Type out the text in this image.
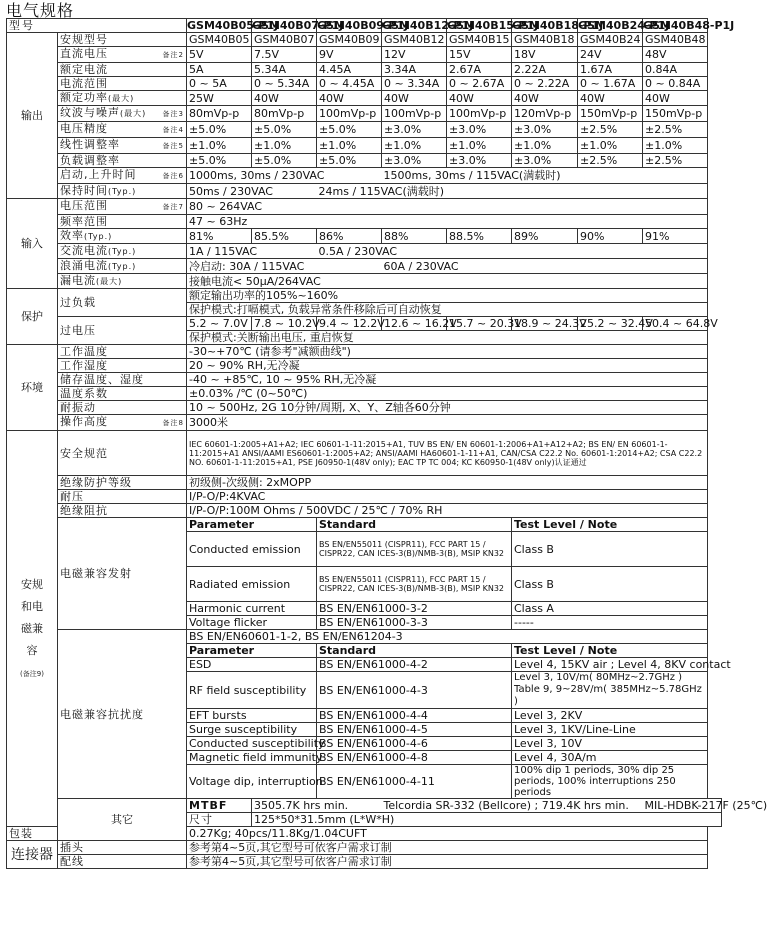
电气规格
型号		GSM40B05-P1J	GSM40B07-P1J	GSM40B09-P1J	GSM40B12-P1J	GSM40B15-P1J	GSM40B18-P1J	GSM40B24-P1J	GSM40B48-P1J
输出	安规型号	GSM40B05	GSM40B07	GSM40B09	GSM40B12	GSM40B15	GSM40B18	GSM40B24	GSM40B48
	直流电压 备注2	5V	7.5V	9V	12V	15V	18V	24V	48V
	额定电流	5A	5.34A	4.45A	3.34A	2.67A	2.22A	1.67A	0.84A
	电流范围	0 ~ 5A	0 ~ 5.34A	0 ~ 4.45A	0 ~ 3.34A	0 ~ 2.67A	0 ~ 2.22A	0 ~ 1.67A	0 ~ 0.84A
	额定功率(最大)	25W	40W	40W	40W	40W	40W	40W	40W
	纹波与噪声(最大) 备注3	80mVp-p	80mVp-p	100mVp-p	100mVp-p	100mVp-p	120mVp-p	150mVp-p	150mVp-p
	电压精度 备注4	±5.0%	±5.0%	±5.0%	±3.0%	±3.0%	±3.0%	±2.5%	±2.5%
	线性调整率 备注5	±1.0%	±1.0%	±1.0%	±1.0%	±1.0%	±1.0%	±1.0%	±1.0%
	负载调整率	±5.0%	±5.0%	±5.0%	±3.0%	±3.0%	±3.0%	±2.5%	±2.5%
	启动,上升时间 备注6	1000ms, 30ms / 230VAC			1500ms, 30ms / 115VAC(满载时)				
	保持时间(Typ.)	50ms / 230VAC		24ms / 115VAC(满载时)					
输入	电压范围 备注7	80 ~ 264VAC							
	频率范围	47 ~ 63Hz							
	效率(Typ.)	81%	85.5%	86%	88%	88.5%	89%	90%	91%
	交流电流(Typ.)	1A / 115VAC		0.5A / 230VAC					
	浪涌电流(Typ.)	冷启动: 30A / 115VAC			60A / 230VAC				
	漏电流(最大)	接触电流< 50μA/264VAC							
保护	过负载	额定输出功率的105%~160%							
		保护模式:打嗝模式, 负载异常条件移除后可自动恢复							
	过电压	5.2 ~ 7.0V	7.8 ~ 10.2V	9.4 ~ 12.2V	12.6 ~ 16.2V	15.7 ~ 20.3V	18.9 ~ 24.3V	25.2 ~ 32.4V	50.4 ~ 64.8V
		保护模式:关断输出电压, 重启恢复							
环境	工作温度	-30~+70℃ (请参考"减额曲线")							
	工作湿度	20 ~ 90% RH,无冷凝							
	储存温度、湿度	-40 ~ +85℃, 10 ~ 95% RH,无冷凝							
	温度系数	±0.03% /℃ (0~50℃)							
	耐振动	10 ~ 500Hz, 2G 10分钟/周期, X、Y、Z轴各60分钟							
	操作高度 备注8	3000米							

安规和电磁兼容
(备注9)	安全规范	IEC 60601-1:2005+A1+A2; IEC 60601-1-11:2015+A1, TUV BS EN/ EN 60601-1:2006+A1+A12+A2; BS EN/ EN 60601-1-11:2015+A1 ANSI/AAMI ES60601-1:2005+A2; ANSI/AAMI HA60601-1-11+A1, CAN/CSA C22.2 No. 60601-1:2014+A2; CSA C22.2 NO. 60601-1-11:2015+A1, PSE J60950-1(48V only); EAC TP TC 004; KC K60950-1(48V only)认证通过							
	绝缘防护等级	初级侧-次级侧: 2xMOPP							
	耐压	I/P-O/P:4KVAC							
	绝缘阻抗	I/P-O/P:100M Ohms / 500VDC / 25℃ / 70% RH							
	电磁兼容发射	Parameter		Standard			Test Level / Note		
		Conducted emission		BS EN/EN55011 (CISPR11), FCC PART 15 / CISPR22, CAN ICES-3(B)/NMB-3(B), MSIP KN32			Class B		
		Radiated emission		BS EN/EN55011 (CISPR11), FCC PART 15 / CISPR22, CAN ICES-3(B)/NMB-3(B), MSIP KN32			Class B		
		Harmonic current		BS EN/EN61000-3-2			Class A		
		Voltage flicker		BS EN/EN61000-3-3			-----		
	电磁兼容抗扰度	BS EN/EN60601-1-2, BS EN/EN61204-3							
		Parameter		Standard			Test Level / Note		
		ESD		BS EN/EN61000-4-2			Level 4, 15KV air ; Level 4, 8KV contact		
		RF field susceptibility		BS EN/EN61000-4-3			Level 3, 10V/m( 80MHz~2.7GHz ) Table 9, 9~28V/m( 385MHz~5.78GHz )		
		EFT bursts		BS EN/EN61000-4-4			Level 3, 2KV		
		Surge susceptibility		BS EN/EN61000-4-5			Level 3, 1KV/Line-Line		
		Conducted susceptibility		BS EN/EN61000-4-6			Level 3, 10V		
		Magnetic field immunity		BS EN/EN61000-4-8			Level 4, 30A/m		
		Voltage dip, interruption		BS EN/EN61000-4-11			100% dip 1 periods, 30% dip 25 periods, 100% interruptions 250 periods		
	其它	MTBF	3505.7K hrs min.		Telcordia SR-332 (Bellcore) ; 719.4K hrs min.				MIL-HDBK-217F (25℃)
		尺寸	125*50*31.5mm (L*W*H)						
包装		0.27Kg; 40pcs/11.8Kg/1.04CUFT							
连接器	插头	参考第4~5页,其它型号可依客户需求订制							
	配线	参考第4~5页,其它型号可依客户需求订制							
